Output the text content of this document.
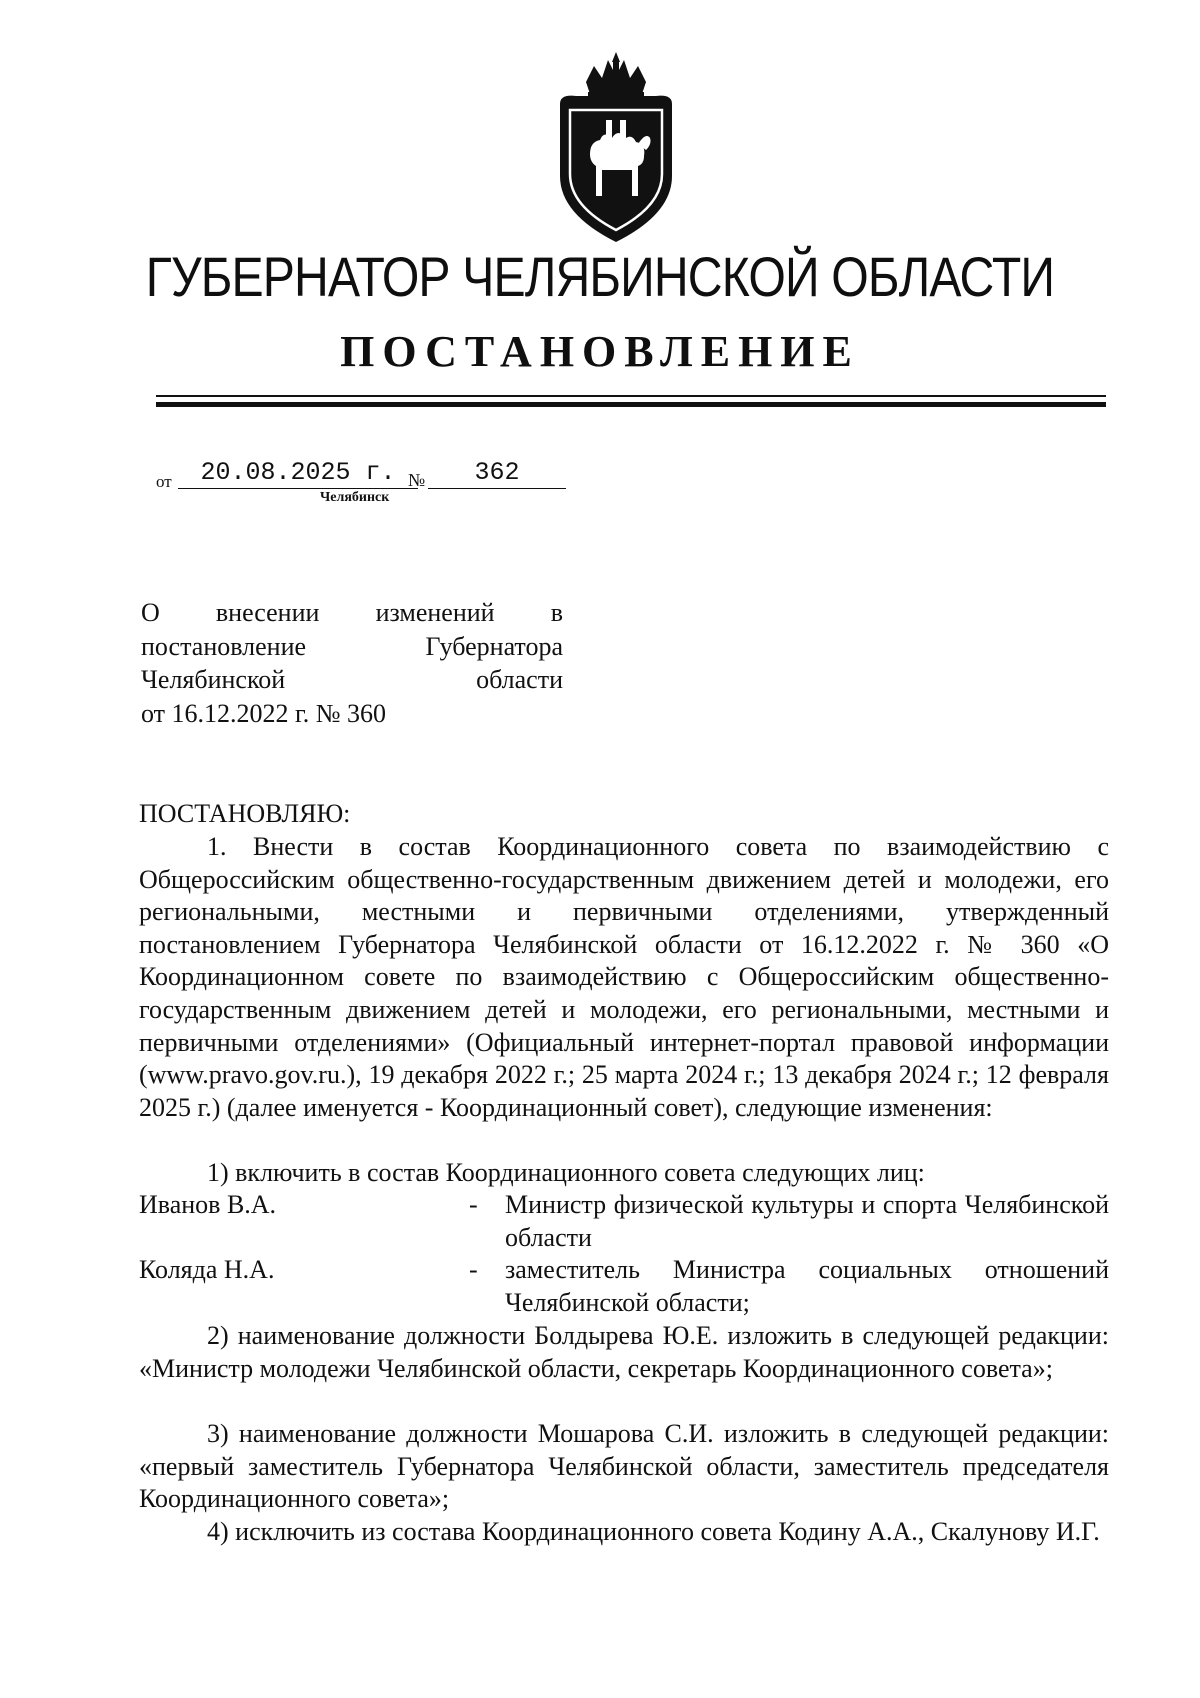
ГУБЕРНАТОР ЧЕЛЯБИНСКОЙ ОБЛАСТИ
ПОСТАНОВЛЕНИЕ
от	20.08.2025 г. №	362
Челябинск
О внесении изменений в
постановление	Губернатора
Челябинской	области
от 16.12.2022 г. № 360
ПОСТАНОВЛЯЮ:

1. Внести в состав Координационного совета по взаимодействию с Общероссийским общественно-государственным движением детей и молодежи, его региональными, местными и первичными отделениями, утвержденный постановлением Губернатора Челябинской области от 16.12.2022 г. № 360 «О Координационном совете по взаимодействию с Общероссийским общественно-государственным движением детей и молодежи, его региональными, местными и первичными отделениями» (Официальный интернет-портал правовой информации (www.pravo.gov.ru.), 19 декабря 2022 г.; 25 марта 2024 г.; 13 декабря 2024 г.; 12 февраля 2025 г.) (далее именуется - Координационный совет), следующие изменения:

1) включить в состав Координационного совета следующих лиц:

Иванов В.А.	- Министр физической культуры и спорта Челябинской области
Коляда Н.А.	- заместитель Министра социальных отношений Челябинской области;

2) наименование должности Болдырева Ю.Е. изложить в следующей редакции: «Министр молодежи Челябинской области, секретарь Координационного совета»;

3) наименование должности Мошарова С.И. изложить в следующей редакции: «первый заместитель Губернатора Челябинской области, заместитель председателя Координационного совета»;

4) исключить из состава Координационного совета Кодину А.А., Скалунову И.Г.
